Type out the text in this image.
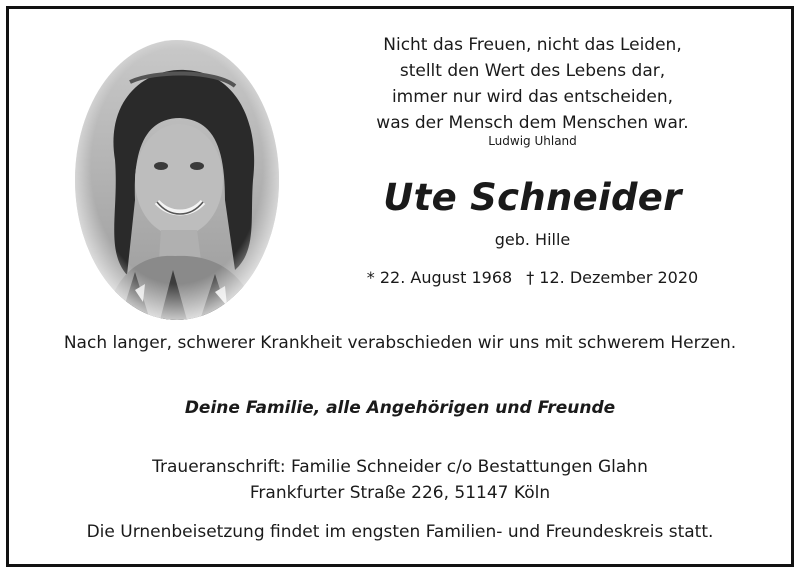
Nicht das Freuen, nicht das Leiden,
stellt den Wert des Lebens dar,
immer nur wird das entscheiden,
was der Mensch dem Menschen war.
Ludwig Uhland
Ute Schneider
geb. Hille
* 22. August 1968 † 12. Dezember 2020
Nach langer, schwerer Krankheit verabschieden wir uns mit schwerem Herzen.
Deine Familie, alle Angehörigen und Freunde
Traueranschrift: Familie Schneider c/o Bestattungen Glahn
Frankfurter Straße 226, 51147 Köln
Die Urnenbeisetzung findet im engsten Familien- und Freundeskreis statt.
